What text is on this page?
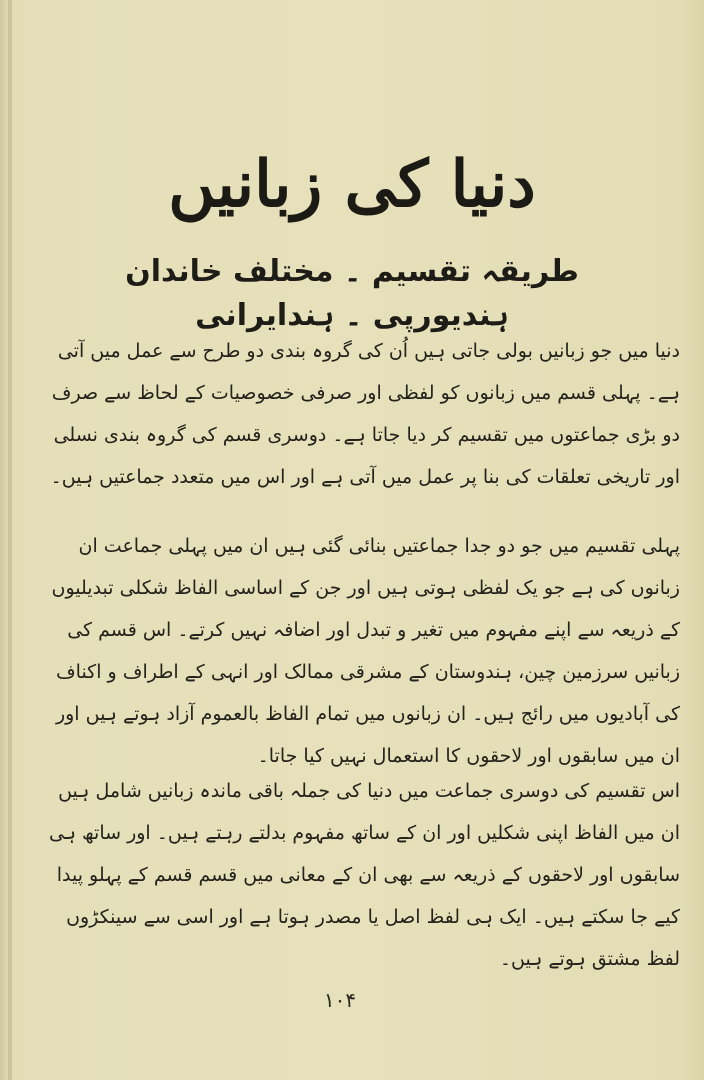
دنیا کی زبانیں
طریقہ تقسیم ۔ مختلف خاندان ہندیورپی ۔ ہندایرانی

دنیا میں جو زبانیں بولی جاتی ہیں اُن کی گروہ بندی دو طرح سے عمل میں آتی ہے۔ پہلی قسم میں زبانوں کو لفظی اور صرفی خصوصیات کے لحاظ سے صرف دو بڑی جماعتوں میں تقسیم کر دیا جاتا ہے۔ دوسری قسم کی گروہ بندی نسلی اور تاریخی تعلقات کی بنا پر عمل میں آتی ہے اور اس میں متعدد جماعتیں ہیں۔

پہلی تقسیم میں جو دو جدا جماعتیں بنائی گئی ہیں ان میں پہلی جماعت ان زبانوں کی ہے جو یک لفظی ہوتی ہیں اور جن کے اساسی الفاظ شکلی تبدیلیوں کے ذریعہ سے اپنے مفہوم میں تغیر و تبدل اور اضافہ نہیں کرتے۔ اس قسم کی زبانیں سرزمین چین، ہندوستان کے مشرقی ممالک اور انہی کے اطراف و اکناف کی آبادیوں میں رائج ہیں۔ ان زبانوں میں تمام الفاظ بالعموم آزاد ہوتے ہیں اور ان میں سابقوں اور لاحقوں کا استعمال نہیں کیا جاتا۔

اس تقسیم کی دوسری جماعت میں دنیا کی جملہ باقی ماندہ زبانیں شامل ہیں ان میں الفاظ اپنی شکلیں اور ان کے ساتھ مفہوم بدلتے رہتے ہیں۔ اور ساتھ ہی سابقوں اور لاحقوں کے ذریعہ سے بھی ان کے معانی میں قسم قسم کے پہلو پیدا کیے جا سکتے ہیں۔ ایک ہی لفظ اصل یا مصدر ہوتا ہے اور اسی سے سینکڑوں لفظ مشتق ہوتے ہیں۔

۱۰۴
